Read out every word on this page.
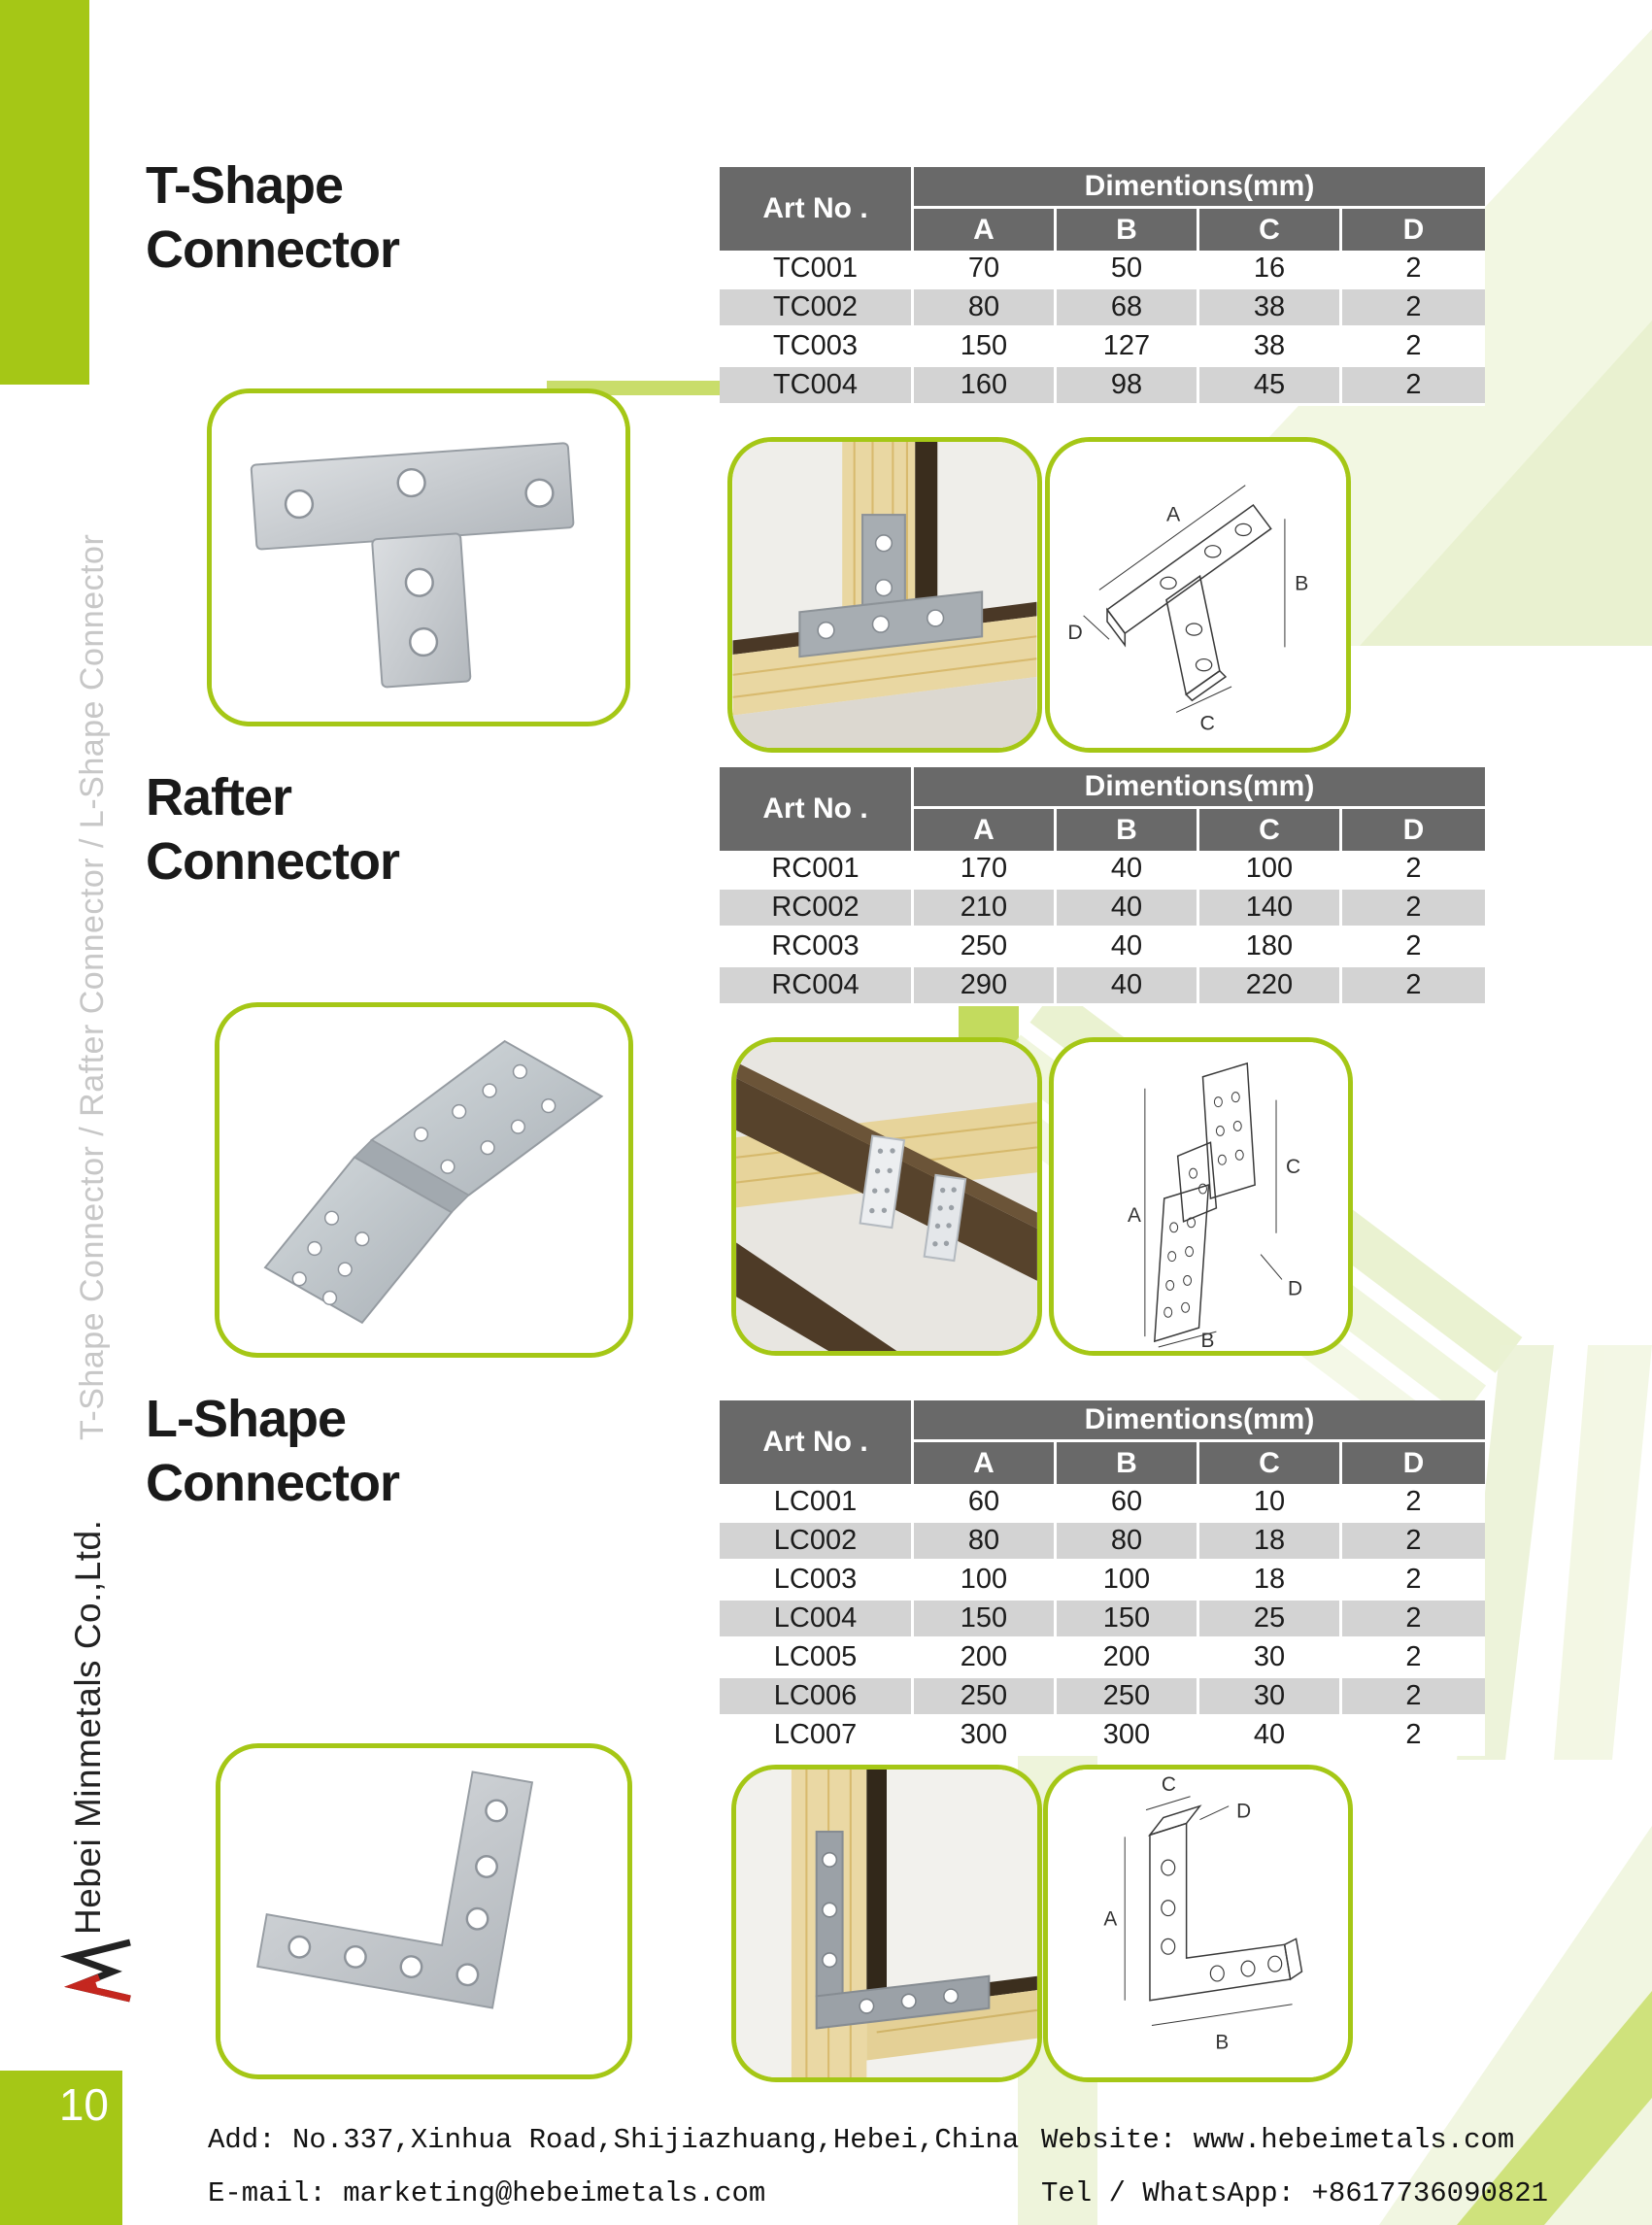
T-Shape Connector / Rafter Connector / L-Shape Connector
Hebei Minmetals Co.,Ltd.
10
T-Shape
Connector
Art No .	Dimentions(mm)			
	A	B	C	D
TC001	70	50	16	2
TC002	80	68	38	2
TC003	150	127	38	2
TC004	160	98	45	2
A
B
C
D
Rafter
Connector
Art No .	Dimentions(mm)			
	A	B	C	D
RC001	170	40	100	2
RC002	210	40	140	2
RC003	250	40	180	2
RC004	290	40	220	2
A
B
C
D
L-Shape
Connector
Art No .	Dimentions(mm)			
	A	B	C	D
LC001	60	60	10	2
LC002	80	80	18	2
LC003	100	100	18	2
LC004	150	150	25	2
LC005	200	200	30	2
LC006	250	250	30	2
LC007	300	300	40	2
C
D
A
B
Add: No.337,Xinhua Road,Shijiazhuang,Hebei,China
E-mail: marketing@hebeimetals.com
Website: www.hebeimetals.com
Tel / WhatsApp: +8617736090821
